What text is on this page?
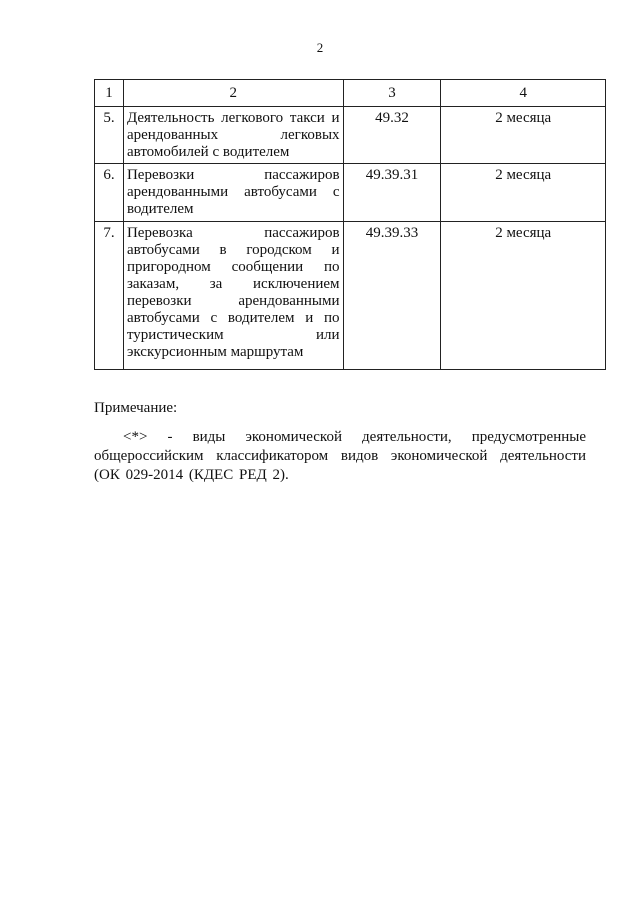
2
1	2	3	4
5.	Деятельность легкового такси и арендованных легковых автомобилей с водителем	49.32	2 месяца
6.	Перевозки пассажиров арендованными автобусами с водителем	49.39.31	2 месяца
7.	Перевозка пассажиров автобусами в городском и пригородном сообщении по заказам, за исключением перевозки арендованными автобусами с водителем и по туристическим или экскурсионным маршрутам	49.39.33	2 месяца
Примечание:
<*> - виды экономической деятельности, предусмотренные общероссийским классификатором видов экономической деятельности (ОК 029-2014 (КДЕС РЕД 2).
